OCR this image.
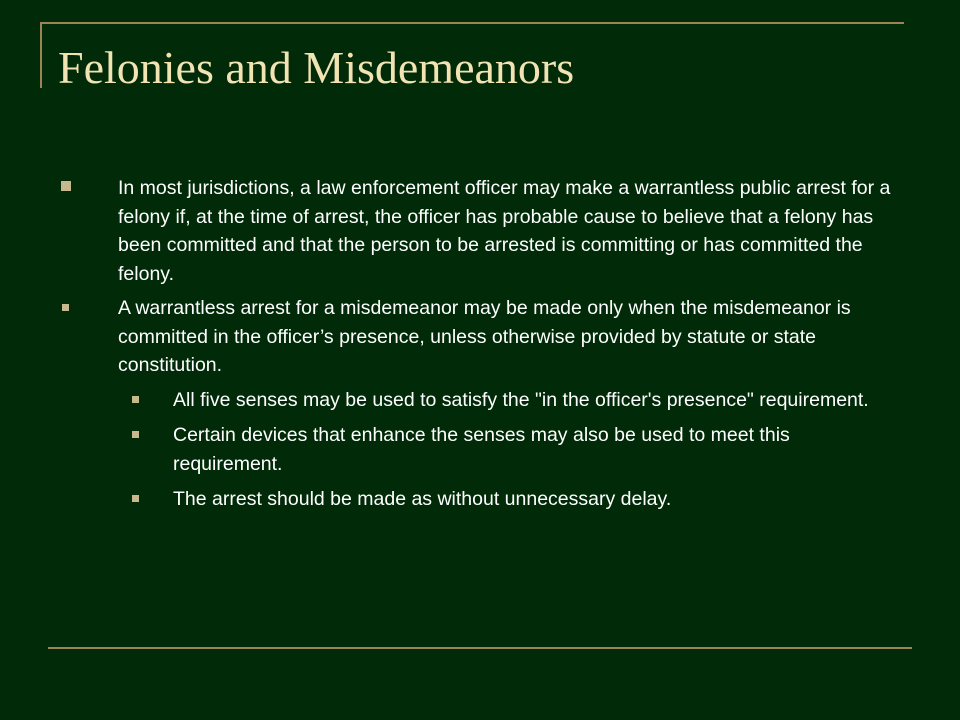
Felonies and Misdemeanors
In most jurisdictions, a law enforcement officer may make a warrantless public arrest for a felony if, at the time of arrest, the officer has probable cause to believe that a felony has been committed and that the person to be arrested is committing or has committed the felony.
A warrantless arrest for a misdemeanor may be made only when the misdemeanor is committed in the officer’s presence, unless otherwise provided by statute or state constitution.
All five senses may be used to satisfy the "in the officer's presence" requirement.
Certain devices that enhance the senses may also be used to meet this requirement.
The arrest should be made as without unnecessary delay.
